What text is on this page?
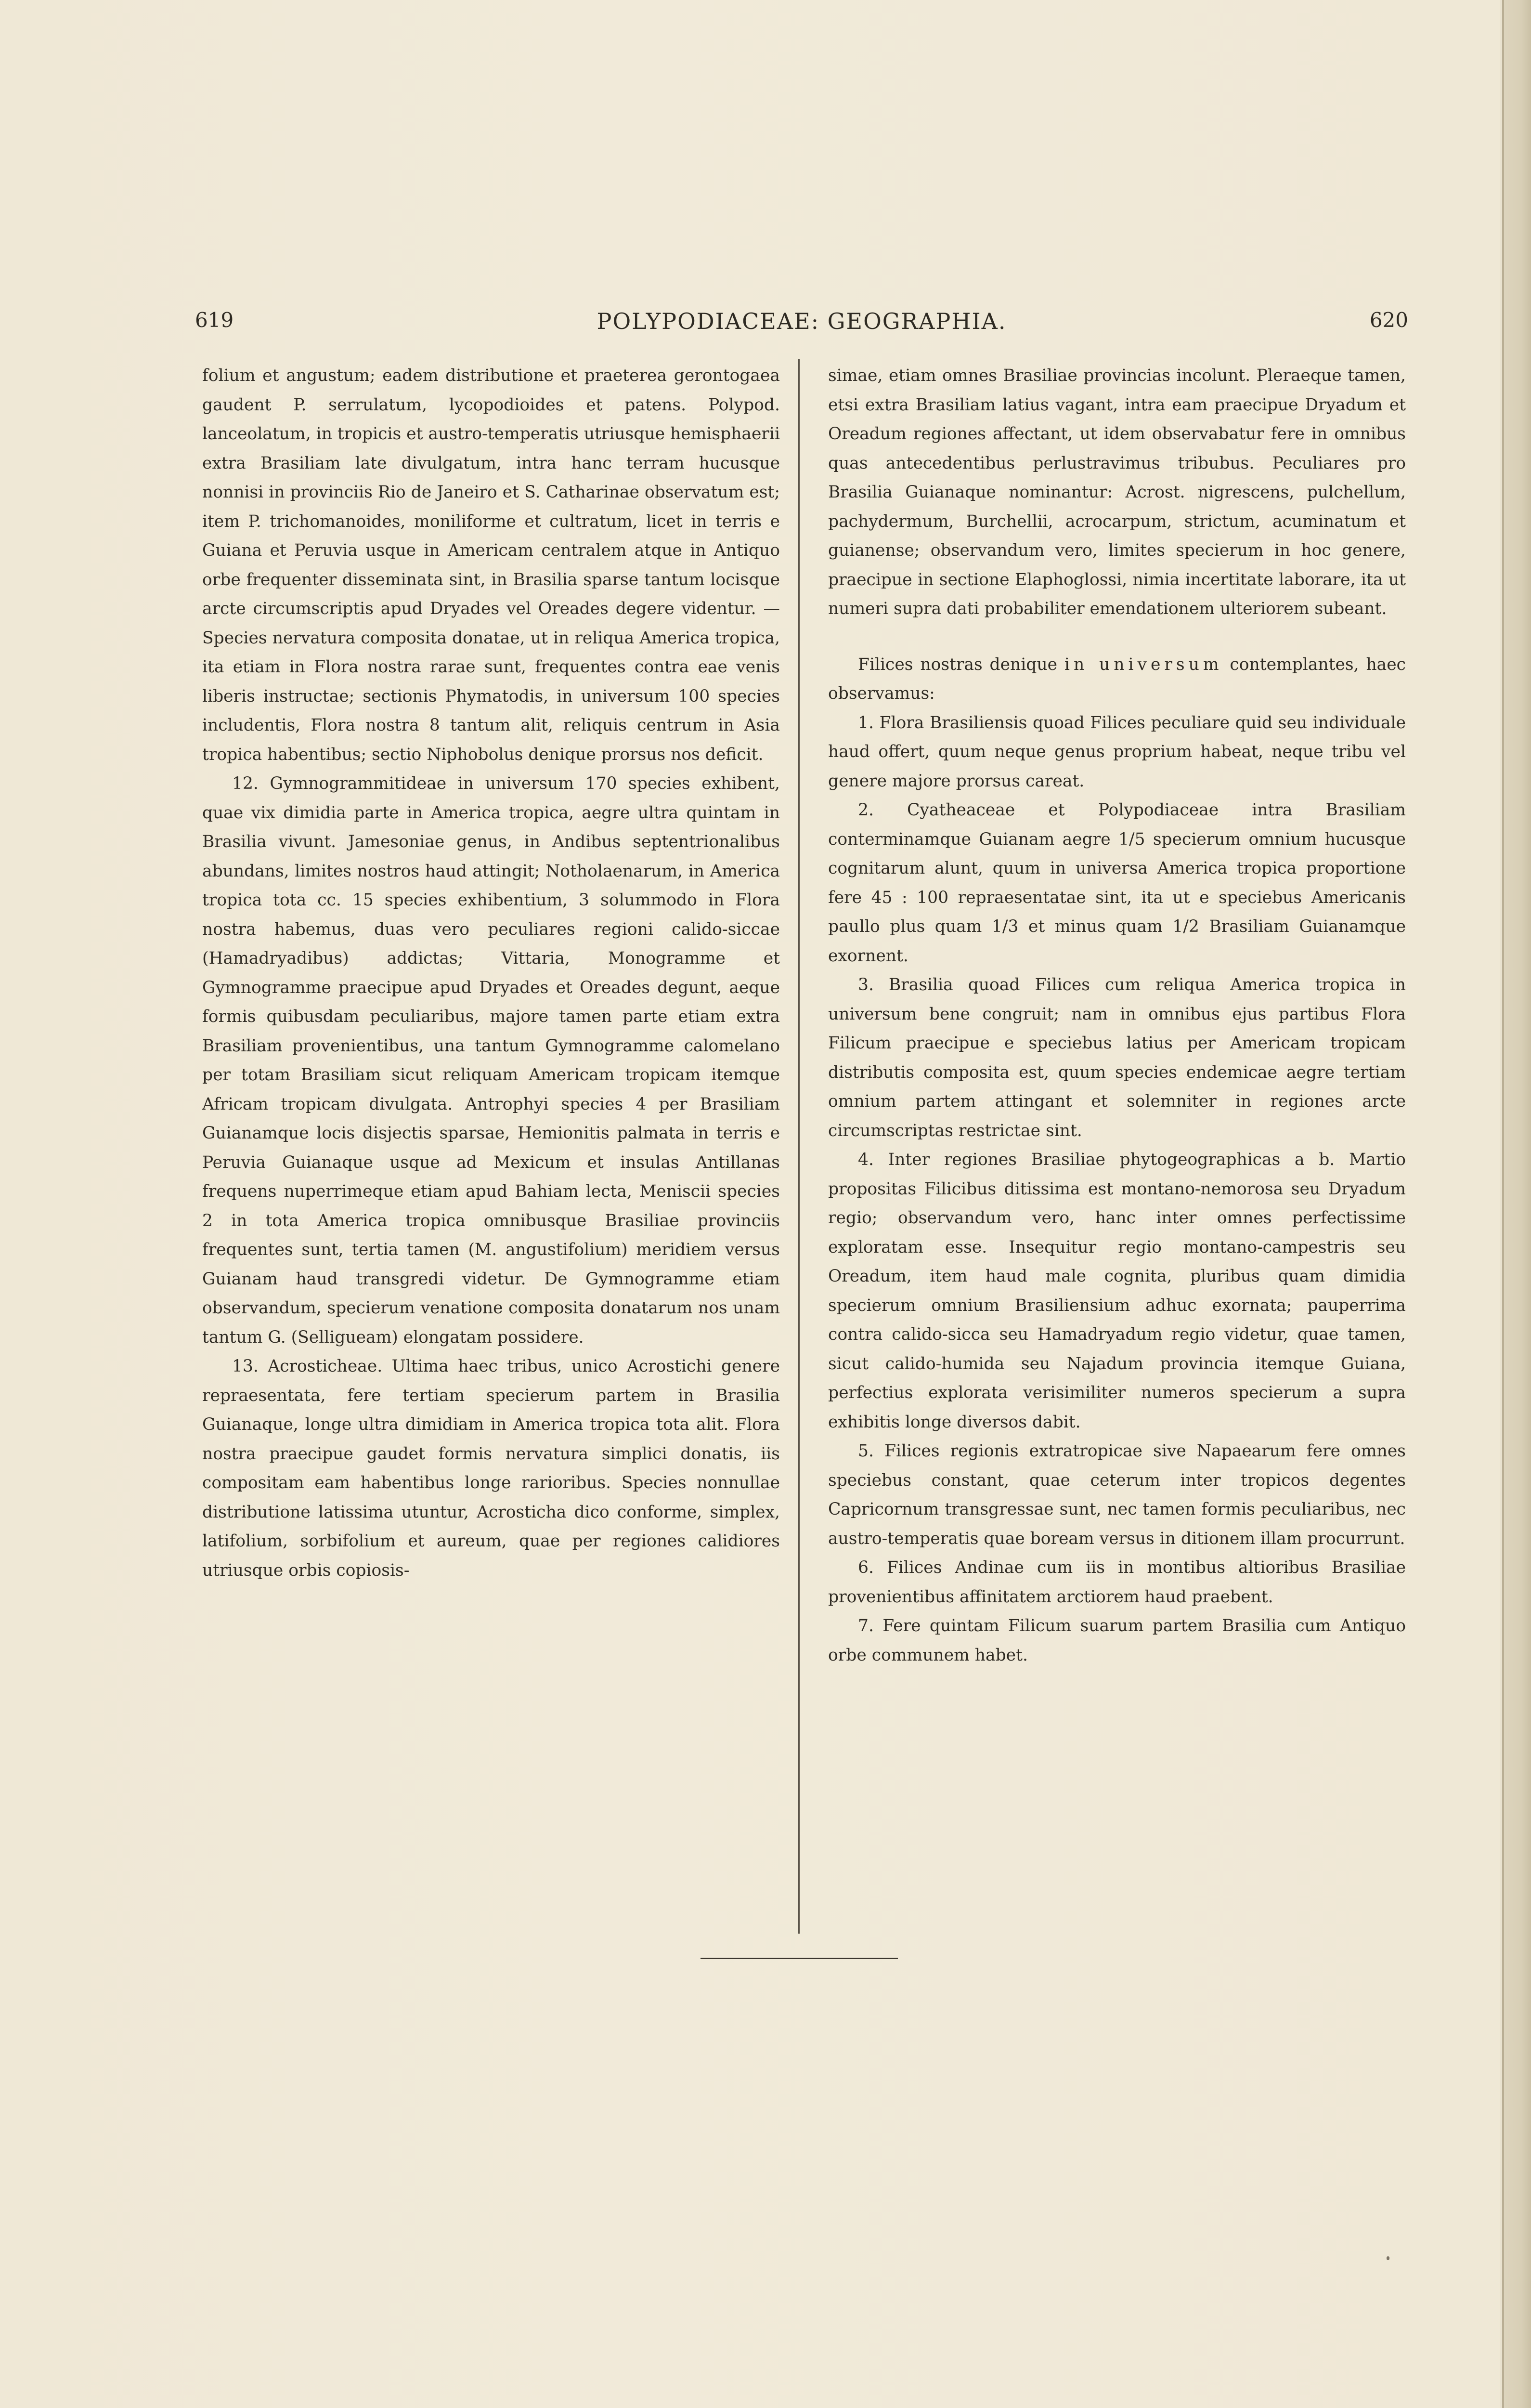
619	POLYPODIACEAE: GEOGRAPHIA.	620

folium et angustum; eadem distributione et praeterea gerontogaea gaudent P. serrulatum, lycopodioides et patens. Polypod. lanceolatum, in tropicis et austro-temperatis utriusque hemisphaerii extra Brasiliam late divulgatum, intra hanc terram hucusque nonnisi in provinciis Rio de Janeiro et S. Catharinae observatum est; item P. trichomanoides, moniliforme et cultratum, licet in terris e Guiana et Peruvia usque in Americam centralem atque in Antiquo orbe frequenter disseminata sint, in Brasilia sparse tantum locisque arcte circumscriptis apud Dryades vel Oreades degere videntur. — Species nervatura composita donatae, ut in reliqua America tropica, ita etiam in Flora nostra rarae sunt, frequentes contra eae venis liberis instructae; sectionis Phymatodis, in universum 100 species includentis, Flora nostra 8 tantum alit, reliquis centrum in Asia tropica habentibus; sectio Niphobolus denique prorsus nos deficit.

12. Gymnogrammitideae in universum 170 species exhibent, quae vix dimidia parte in America tropica, aegre ultra quintam in Brasilia vivunt. Jamesoniae genus, in Andibus septentrionalibus abundans, limites nostros haud attingit; Notholaenarum, in America tropica tota cc. 15 species exhibentium, 3 solummodo in Flora nostra habemus, duas vero peculiares regioni calido-siccae (Hamadryadibus) addictas; Vittaria, Monogramme et Gymnogramme praecipue apud Dryades et Oreades degunt, aeque formis quibusdam peculiaribus, majore tamen parte etiam extra Brasiliam provenientibus, una tantum Gymnogramme calomelano per totam Brasiliam sicut reliquam Americam tropicam itemque Africam tropicam divulgata. Antrophyi species 4 per Brasiliam Guianamque locis disjectis sparsae, Hemionitis palmata in terris e Peruvia Guianaque usque ad Mexicum et insulas Antillanas frequens nuperrimeque etiam apud Bahiam lecta, Meniscii species 2 in tota America tropica omnibusque Brasiliae provinciis frequentes sunt, tertia tamen (M. angustifolium) meridiem versus Guianam haud transgredi videtur. De Gymnogramme etiam observandum, specierum venatione composita donatarum nos unam tantum G. (Selligueam) elongatam possidere.

13. Acrosticheae. Ultima haec tribus, unico Acrostichi genere repraesentata, fere tertiam specierum partem in Brasilia Guianaque, longe ultra dimidiam in America tropica tota alit. Flora nostra praecipue gaudet formis nervatura simplici donatis, iis compositam eam habentibus longe rarioribus. Species nonnullae distributione latissima utuntur, Acrosticha dico conforme, simplex, latifolium, sorbifolium et aureum, quae per regiones calidiores utriusque orbis copiosis-

simae, etiam omnes Brasiliae provincias incolunt. Pleraeque tamen, etsi extra Brasiliam latius vagant, intra eam praecipue Dryadum et Oreadum regiones affectant, ut idem observabatur fere in omnibus quas antecedentibus perlustravimus tribubus. Peculiares pro Brasilia Guianaque nominantur: Acrost. nigrescens, pulchellum, pachydermum, Burchellii, acrocarpum, strictum, acuminatum et guianense; observandum vero, limites specierum in hoc genere, praecipue in sectione Elaphoglossi, nimia incertitate laborare, ita ut numeri supra dati probabiliter emendationem ulteriorem subeant.

Filices nostras denique in universum contemplantes, haec observamus:

1. Flora Brasiliensis quoad Filices peculiare quid seu individuale haud offert, quum neque genus proprium habeat, neque tribu vel genere majore prorsus careat.

2. Cyatheaceae et Polypodiaceae intra Brasiliam conterminamque Guianam aegre 1/5 specierum omnium hucusque cognitarum alunt, quum in universa America tropica proportione fere 45 : 100 repraesentatae sint, ita ut e speciebus Americanis paullo plus quam 1/3 et minus quam 1/2 Brasiliam Guianamque exornent.

3. Brasilia quoad Filices cum reliqua America tropica in universum bene congruit; nam in omnibus ejus partibus Flora Filicum praecipue e speciebus latius per Americam tropicam distributis composita est, quum species endemicae aegre tertiam omnium partem attingant et solemniter in regiones arcte circumscriptas restrictae sint.

4. Inter regiones Brasiliae phytogeographicas a b. Martio propositas Filicibus ditissima est montano-nemorosa seu Dryadum regio; observandum vero, hanc inter omnes perfectissime exploratam esse. Insequitur regio montano-campestris seu Oreadum, item haud male cognita, pluribus quam dimidia specierum omnium Brasiliensium adhuc exornata; pauperrima contra calido-sicca seu Hamadryadum regio videtur, quae tamen, sicut calido-humida seu Najadum provincia itemque Guiana, perfectius explorata verisimiliter numeros specierum a supra exhibitis longe diversos dabit.

5. Filices regionis extratropicae sive Napaearum fere omnes speciebus constant, quae ceterum inter tropicos degentes Capricornum transgressae sunt, nec tamen formis peculiaribus, nec austro-temperatis quae boream versus in ditionem illam procurrunt.

6. Filices Andinae cum iis in montibus altioribus Brasiliae provenientibus affinitatem arctiorem haud praebent.

7. Fere quintam Filicum suarum partem Brasilia cum Antiquo orbe communem habet.
